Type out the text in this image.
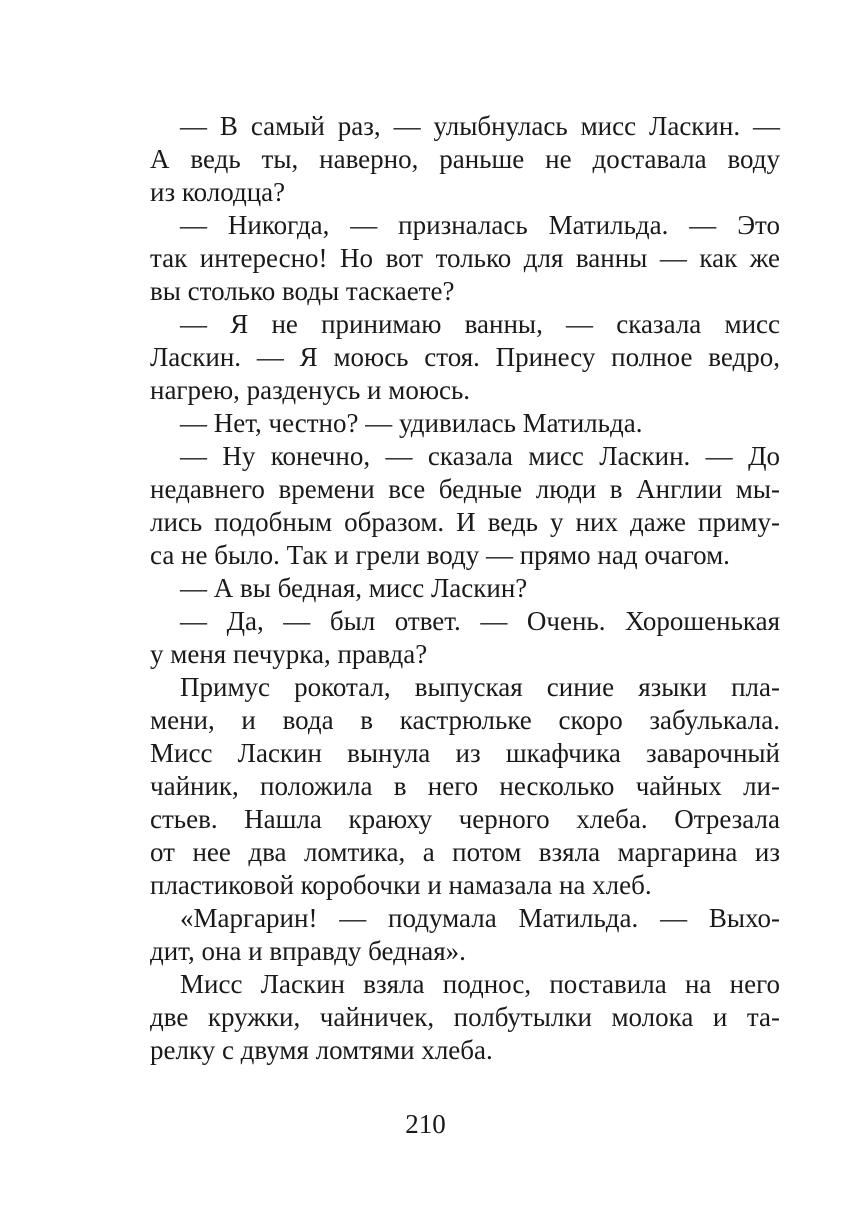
— В самый раз, — улыбнулась мисс Ласкин. —
А ведь ты, наверно, раньше не доставала воду
из колодца?
— Никогда, — призналась Матильда. — Это
так интересно! Но вот только для ванны — как же
вы столько воды таскаете?
— Я не принимаю ванны, — сказала мисс
Ласкин. — Я моюсь стоя. Принесу полное ведро,
нагрею, разденусь и моюсь.
— Нет, честно? — удивилась Матильда.
— Ну конечно, — сказала мисс Ласкин. — До
недавнего времени все бедные люди в Англии мы-
лись подобным образом. И ведь у них даже приму-
са не было. Так и грели воду — прямо над очагом.
— А вы бедная, мисс Ласкин?
— Да, — был ответ. — Очень. Хорошенькая
у меня печурка, правда?
Примус рокотал, выпуская синие языки пла-
мени, и вода в кастрюльке скоро забулькала.
Мисс Ласкин вынула из шкафчика заварочный
чайник, положила в него несколько чайных ли-
стьев. Нашла краюху черного хлеба. Отрезала
от нее два ломтика, а потом взяла маргарина из
пластиковой коробочки и намазала на хлеб.
«Маргарин! — подумала Матильда. — Выхо-
дит, она и вправду бедная».
Мисс Ласкин взяла поднос, поставила на него
две кружки, чайничек, полбутылки молока и та-
релку с двумя ломтями хлеба.
210
